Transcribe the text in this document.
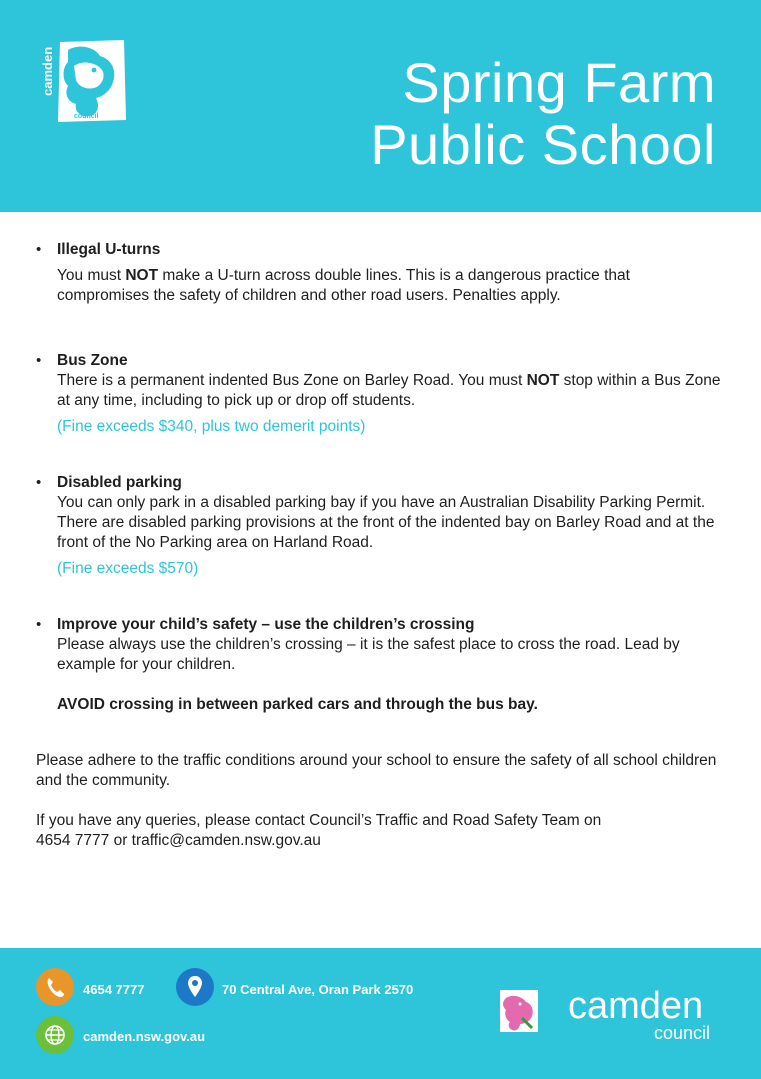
camden
council
Spring Farm
Public School
• Illegal U-turns
You must NOT make a U-turn across double lines. This is a dangerous practice that compromises the safety of children and other road users. Penalties apply.
• Bus Zone
There is a permanent indented Bus Zone on Barley Road. You must NOT stop within a Bus Zone at any time, including to pick up or drop off students.
(Fine exceeds $340, plus two demerit points)
• Disabled parking
You can only park in a disabled parking bay if you have an Australian Disability Parking Permit. There are disabled parking provisions at the front of the indented bay on Barley Road and at the front of the No Parking area on Harland Road.
(Fine exceeds $570)
• Improve your child’s safety – use the children’s crossing
Please always use the children’s crossing – it is the safest place to cross the road. Lead by example for your children.
AVOID crossing in between parked cars and through the bus bay.
Please adhere to the traffic conditions around your school to ensure the safety of all school children and the community.
If you have any queries, please contact Council’s Traffic and Road Safety Team on
4654 7777 or traffic@camden.nsw.gov.au
4654 7777	70 Central Ave, Oran Park 2570
camden.nsw.gov.au
camden
council
